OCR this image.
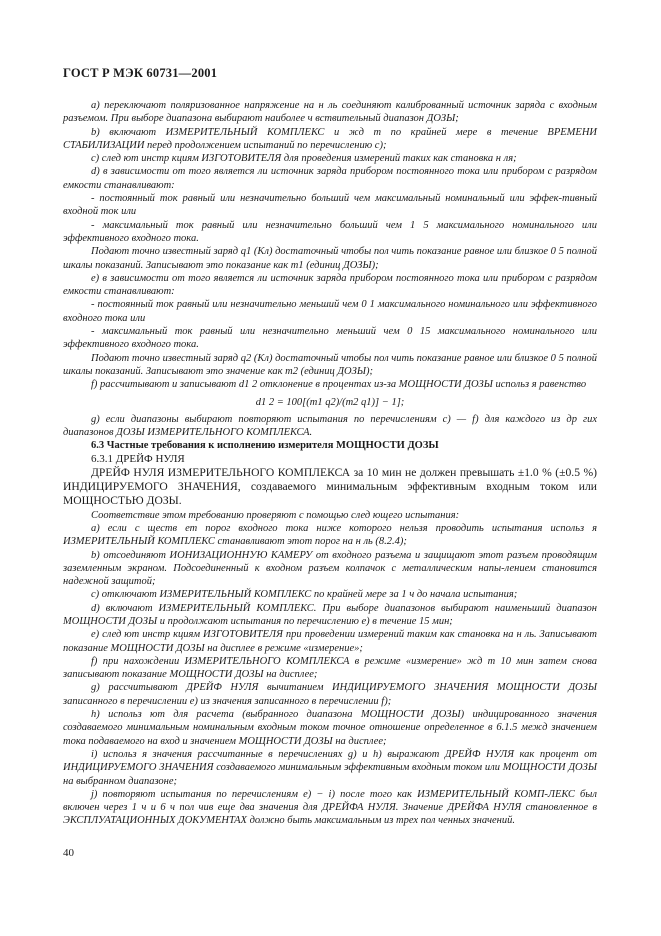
ГОСТ Р МЭК 60731—2001

а) переключают поляризованное напряжение на н ль соединяют калиброванный источник заряда с входным разъемом. При выборе диапазона выбирают наиболее ч вствительный диапазон ДОЗЫ;

b) включают ИЗМЕРИТЕЛЬНЫЙ КОМПЛЕКС и жд т по крайней мере в течение ВРЕМЕНИ СТАБИЛИЗАЦИИ перед продолжением испытаний по перечислению с);

с) след ют инстр кциям ИЗГОТОВИТЕЛЯ для проведения измерений таких как становка н ля;

d) в зависимости от того является ли источник заряда прибором постоянного тока или прибором с разрядом емкости станавливают:

- постоянный ток равный или незначительно больший чем максимальный номинальный или эффек-тивный входной ток или

- максимальный ток равный или незначительно больший чем 1 5 максимального номинального или эффективного входного тока.

Подают точно известный заряд q1 (Кл) достаточный чтобы пол чить показание равное или близкое 0 5 полной шкалы показаний. Записывают это показание как m1 (единиц ДОЗЫ);

е) в зависимости от того является ли источник заряда прибором постоянного тока или прибором с разрядом емкости станавливают:

- постоянный ток равный или незначительно меньший чем 0 1 максимального номинального или эффективного входного тока или

- максимальный ток равный или незначительно меньший чем 0 15 максимального номинального или эффективного входного тока.

Подают точно известный заряд q2 (Кл) достаточный чтобы пол чить показание равное или близкое 0 5 полной шкалы показаний. Записывают это значение как m2 (единиц ДОЗЫ);

f) рассчитывают и записывают d1 2 отклонение в процентах из-за МОЩНОСТИ ДОЗЫ использ я равенство

d1 2 = 100[(m1 q2)/(m2 q1)] − 1];

g) если диапазоны выбирают повторяют испытания по перечислениям с) — f) для каждого из др гих диапазонов ДОЗЫ ИЗМЕРИТЕЛЬНОГО КОМПЛЕКСА.

6.3 Частные требования к исполнению измерителя МОЩНОСТИ ДОЗЫ

6.3.1 ДРЕЙФ НУЛЯ

ДРЕЙФ НУЛЯ ИЗМЕРИТЕЛЬНОГО КОМПЛЕКСА за 10 мин не должен превышать ±1.0 % (±0.5 %) ИНДИЦИРУЕМОГО ЗНАЧЕНИЯ, создаваемого минимальным эффективным входным током или МОЩНОСТЬЮ ДОЗЫ.

Соответствие этом требованию проверяют с помощью след ющего испытания:

а) если с ществ ет порог входного тока ниже которого нельзя проводить испытания использ я ИЗМЕРИТЕЛЬНЫЙ КОМПЛЕКС станавливают этот порог на н ль (8.2.4);

b) отсоединяют ИОНИЗАЦИОННУЮ КАМЕРУ от входного разъема и защищают этот разъем проводящим заземленным экраном. Подсоединенный к входном разъем колпачок с металлическим напы-лением становится надежной защитой;

с) отключают ИЗМЕРИТЕЛЬНЫЙ КОМПЛЕКС по крайней мере за 1 ч до начала испытания;

d) включают ИЗМЕРИТЕЛЬНЫЙ КОМПЛЕКС. При выборе диапазонов выбирают наименьший диапазон МОЩНОСТИ ДОЗЫ и продолжают испытания по перечислению е) в течение 15 мин;

е) след ют инстр кциям ИЗГОТОВИТЕЛЯ при проведении измерений таким как становка на н ль. Записывают показание МОЩНОСТИ ДОЗЫ на дисплее в режиме «измерение»;

f) при нахождении ИЗМЕРИТЕЛЬНОГО КОМПЛЕКСА в режиме «измерение» жд т 10 мин затем снова записывают показание МОЩНОСТИ ДОЗЫ на дисплее;

g) рассчитывают ДРЕЙФ НУЛЯ вычитанием ИНДИЦИРУЕМОГО ЗНАЧЕНИЯ МОЩНОСТИ ДОЗЫ записанного в перечислении е) из значения записанного в перечислении f);

h) использ ют для расчета (выбранного диапазона МОЩНОСТИ ДОЗЫ) индицированного значения создаваемого минимальным номинальным входным током точное отношение определенное в 6.1.5 межд значением тока подаваемого на вход и значением МОЩНОСТИ ДОЗЫ на дисплее;

i) использ я значения рассчитанные в перечислениях g) и h) выражают ДРЕЙФ НУЛЯ как процент от ИНДИЦИРУЕМОГО ЗНАЧЕНИЯ создаваемого минимальным эффективным входным током или МОЩНОСТИ ДОЗЫ на выбранном диапазоне;

j) повторяют испытания по перечислениям е) − i) после того как ИЗМЕРИТЕЛЬНЫЙ КОМП-ЛЕКС был включен через 1 ч и 6 ч пол чив еще два значения для ДРЕЙФА НУЛЯ. Значение ДРЕЙФА НУЛЯ становленное в ЭКСПЛУАТАЦИОННЫХ ДОКУМЕНТАХ должно быть максимальным из трех пол ченных значений.

40
